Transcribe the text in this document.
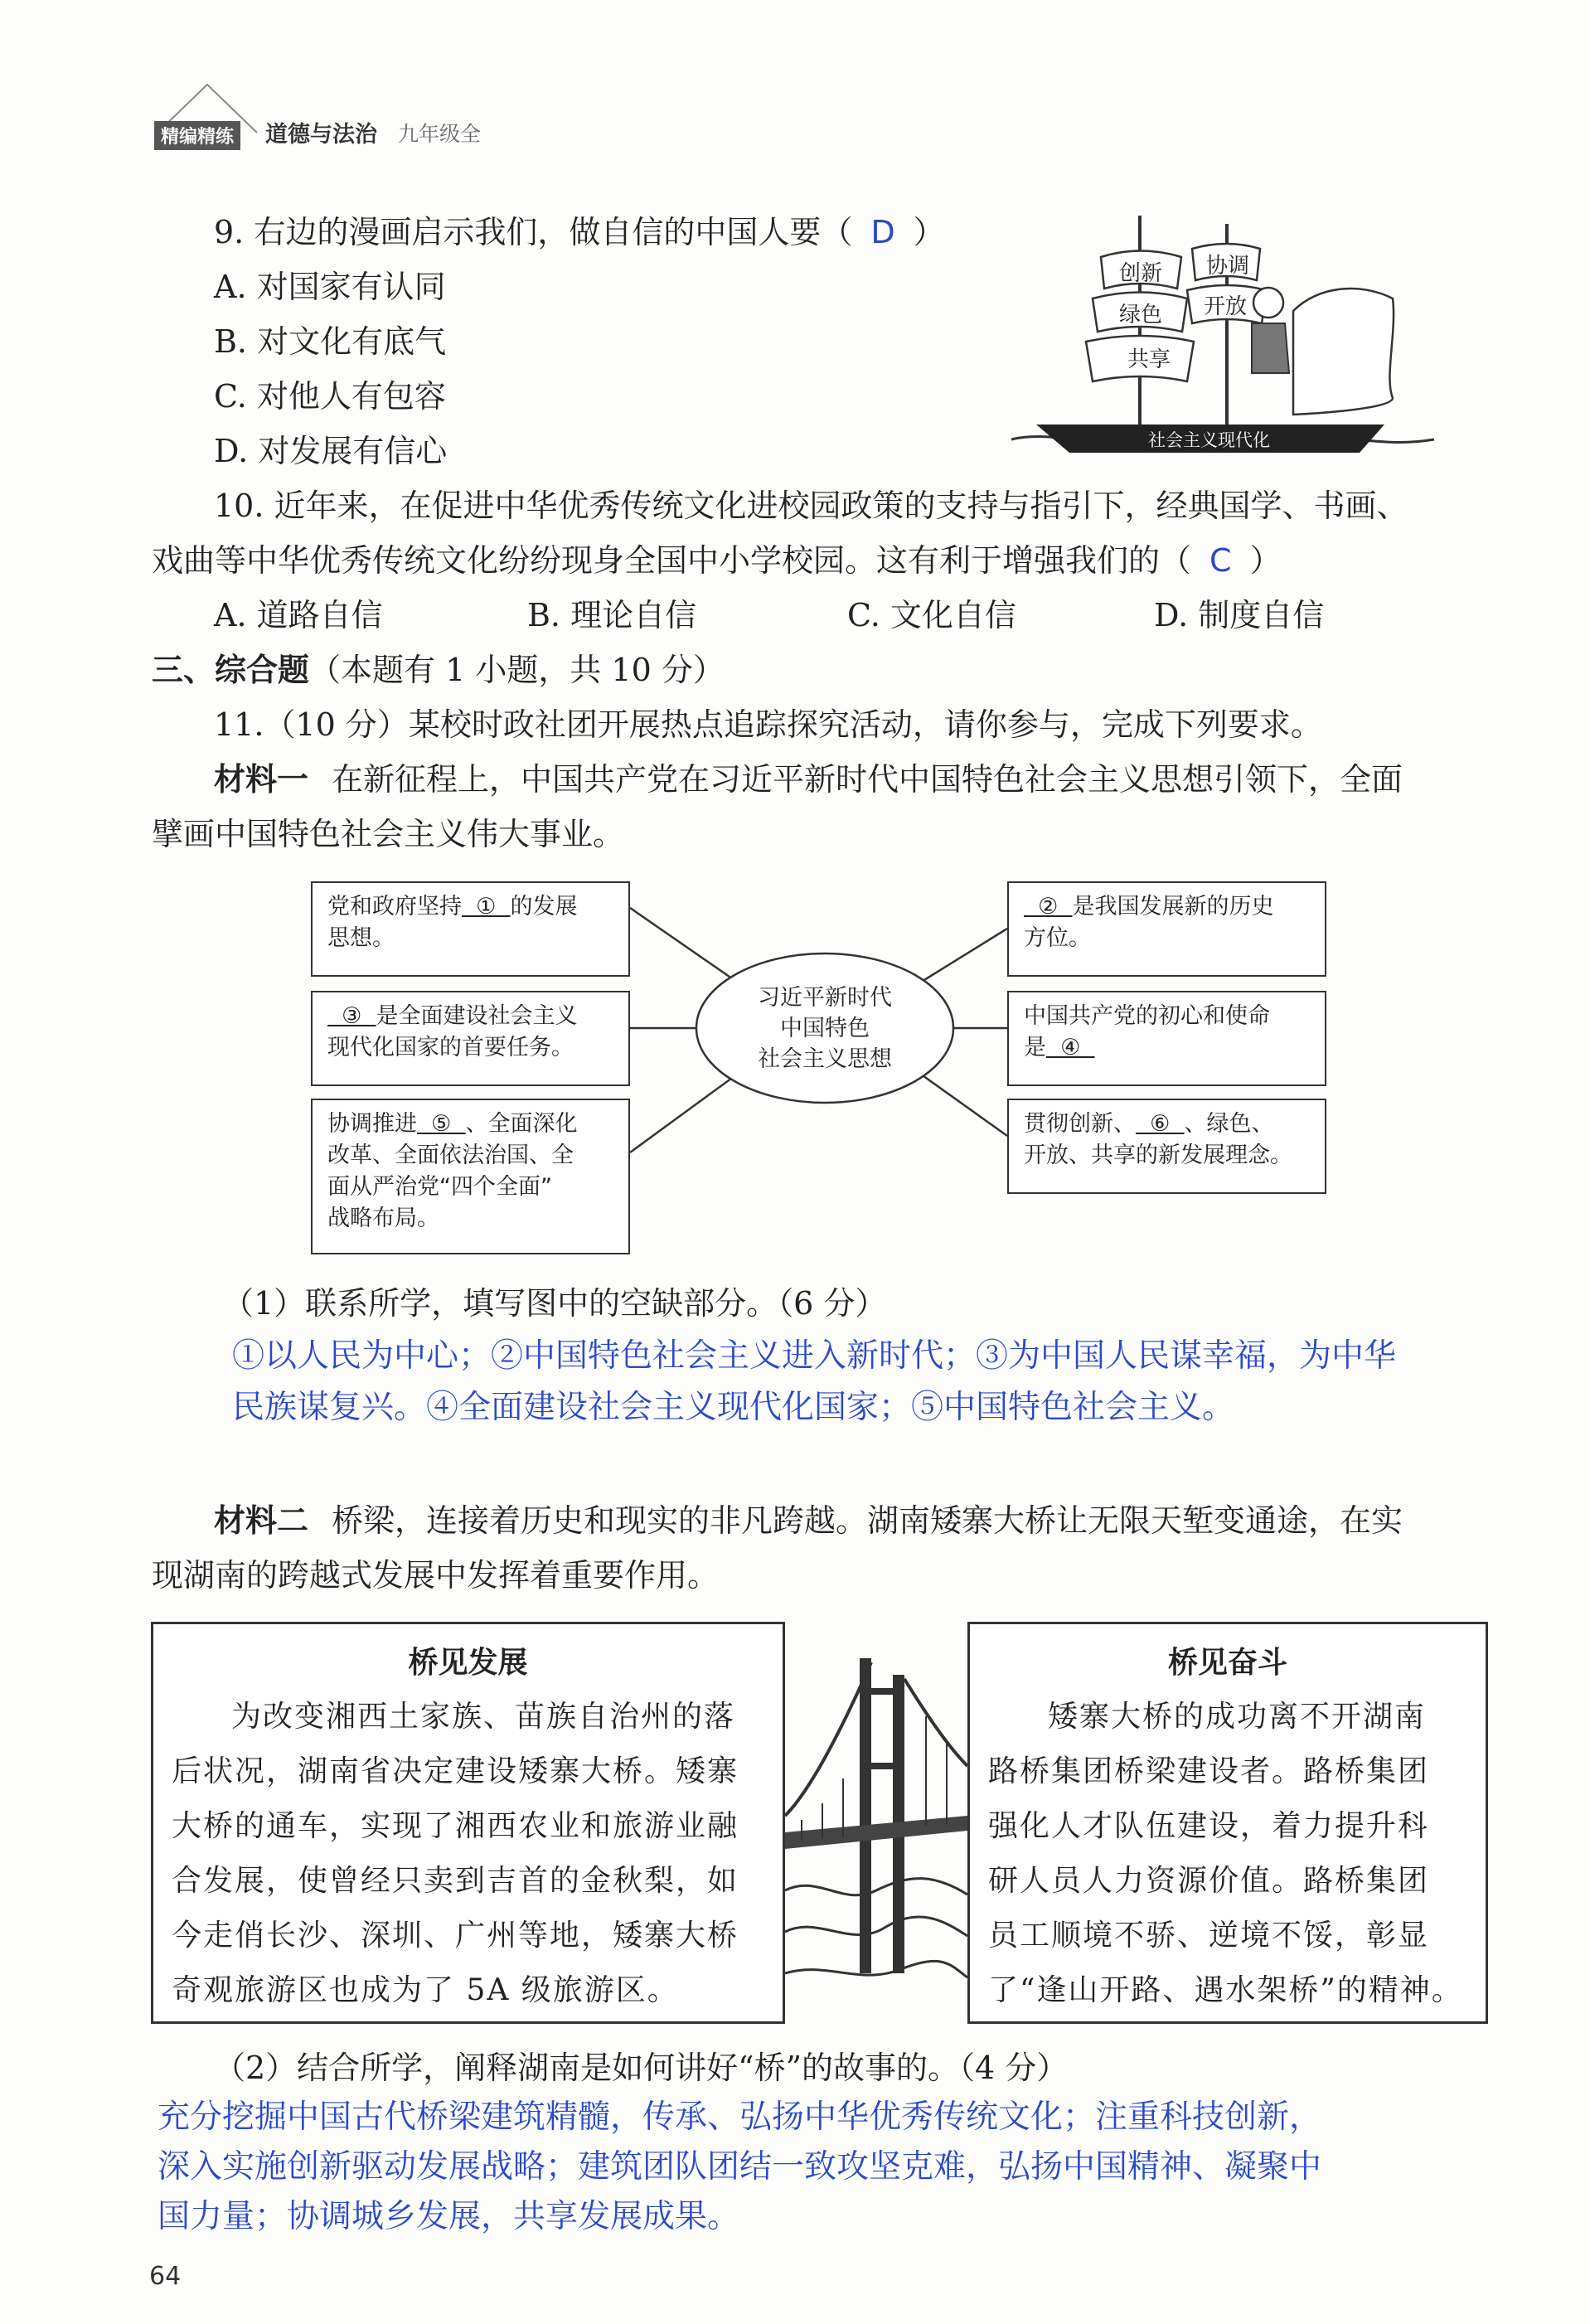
精编精练 道德与法治 九年级全
9. 右边的漫画启示我们，做自信的中国人要（ D ）
A. 对国家有认同
B. 对文化有底气
C. 对他人有包容
D. 对发展有信心
创新 协调
绿色 开放
共享
社会主义现代化
10. 近年来，在促进中华优秀传统文化进校园政策的支持与指引下，经典国学、书画、
戏曲等中华优秀传统文化纷纷现身全国中小学校园。这有利于增强我们的（ C ）
A. 道路自信	B. 理论自信	C. 文化自信	D. 制度自信
三、综合题（本题有 1 小题，共 10 分）
11.（10 分）某校时政社团开展热点追踪探究活动，请你参与，完成下列要求。
材料一 在新征程上，中国共产党在习近平新时代中国特色社会主义思想引领下，全面
擘画中国特色社会主义伟大事业。
习近平新时代
中国特色
社会主义思想
党和政府坚持  ①  的发展
思想。
③  是全面建设社会主义
现代化国家的首要任务。
协调推进  ⑤  、全面深化
改革、全面依法治国、全
面从严治党“四个全面”
战略布局。
②  是我国发展新的历史
方位。
中国共产党的初心和使命
是  ④
贯彻创新、  ⑥  、绿色、
开放、共享的新发展理念。
（1）联系所学，填写图中的空缺部分。（6 分）
①以人民为中心；②中国特色社会主义进入新时代；③为中国人民谋幸福，为中华
民族谋复兴。④全面建设社会主义现代化国家；⑤中国特色社会主义。
材料二 桥梁，连接着历史和现实的非凡跨越。湖南矮寨大桥让无限天堑变通途，在实
现湖南的跨越式发展中发挥着重要作用。
桥见发展
为改变湘西土家族、苗族自治州的落
后状况，湖南省决定建设矮寨大桥。矮寨
大桥的通车，实现了湘西农业和旅游业融
合发展，使曾经只卖到吉首的金秋梨，如
今走俏长沙、深圳、广州等地，矮寨大桥
奇观旅游区也成为了 5A 级旅游区。
桥见奋斗
矮寨大桥的成功离不开湖南
路桥集团桥梁建设者。路桥集团
强化人才队伍建设，着力提升科
研人员人力资源价值。路桥集团
员工顺境不骄、逆境不馁，彰显
了“逢山开路、遇水架桥”的精神。
（2）结合所学，阐释湖南是如何讲好“桥”的故事的。（4 分）
充分挖掘中国古代桥梁建筑精髓，传承、弘扬中华优秀传统文化；注重科技创新，
深入实施创新驱动发展战略；建筑团队团结一致攻坚克难，弘扬中国精神、凝聚中
国力量；协调城乡发展，共享发展成果。
64
